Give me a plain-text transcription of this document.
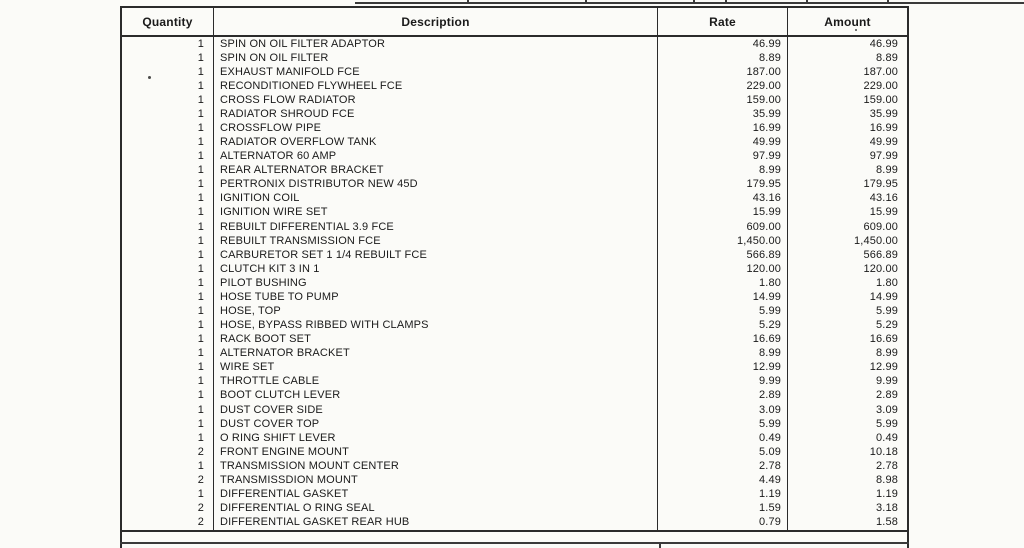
Quantity	Description	Rate	Amount
1	SPIN ON OIL FILTER ADAPTOR	46.99	46.99
1	SPIN ON OIL FILTER	8.89	8.89
1	EXHAUST MANIFOLD FCE	187.00	187.00
1	RECONDITIONED FLYWHEEL FCE	229.00	229.00
1	CROSS FLOW RADIATOR	159.00	159.00
1	RADIATOR SHROUD FCE	35.99	35.99
1	CROSSFLOW PIPE	16.99	16.99
1	RADIATOR OVERFLOW TANK	49.99	49.99
1	ALTERNATOR 60 AMP	97.99	97.99
1	REAR ALTERNATOR BRACKET	8.99	8.99
1	PERTRONIX DISTRIBUTOR NEW 45D	179.95	179.95
1	IGNITION COIL	43.16	43.16
1	IGNITION WIRE SET	15.99	15.99
1	REBUILT DIFFERENTIAL 3.9 FCE	609.00	609.00
1	REBUILT TRANSMISSION FCE	1,450.00	1,450.00
1	CARBURETOR SET 1 1/4 REBUILT FCE	566.89	566.89
1	CLUTCH KIT 3 IN 1	120.00	120.00
1	PILOT BUSHING	1.80	1.80
1	HOSE TUBE TO PUMP	14.99	14.99
1	HOSE, TOP	5.99	5.99
1	HOSE, BYPASS RIBBED WITH CLAMPS	5.29	5.29
1	RACK BOOT SET	16.69	16.69
1	ALTERNATOR BRACKET	8.99	8.99
1	WIRE SET	12.99	12.99
1	THROTTLE CABLE	9.99	9.99
1	BOOT CLUTCH LEVER	2.89	2.89
1	DUST COVER SIDE	3.09	3.09
1	DUST COVER TOP	5.99	5.99
1	O RING SHIFT LEVER	0.49	0.49
2	FRONT ENGINE MOUNT	5.09	10.18
1	TRANSMISSION MOUNT CENTER	2.78	2.78
2	TRANSMISSDION MOUNT	4.49	8.98
1	DIFFERENTIAL GASKET	1.19	1.19
2	DIFFERENTIAL O RING SEAL	1.59	3.18
2	DIFFERENTIAL GASKET REAR HUB	0.79	1.58
